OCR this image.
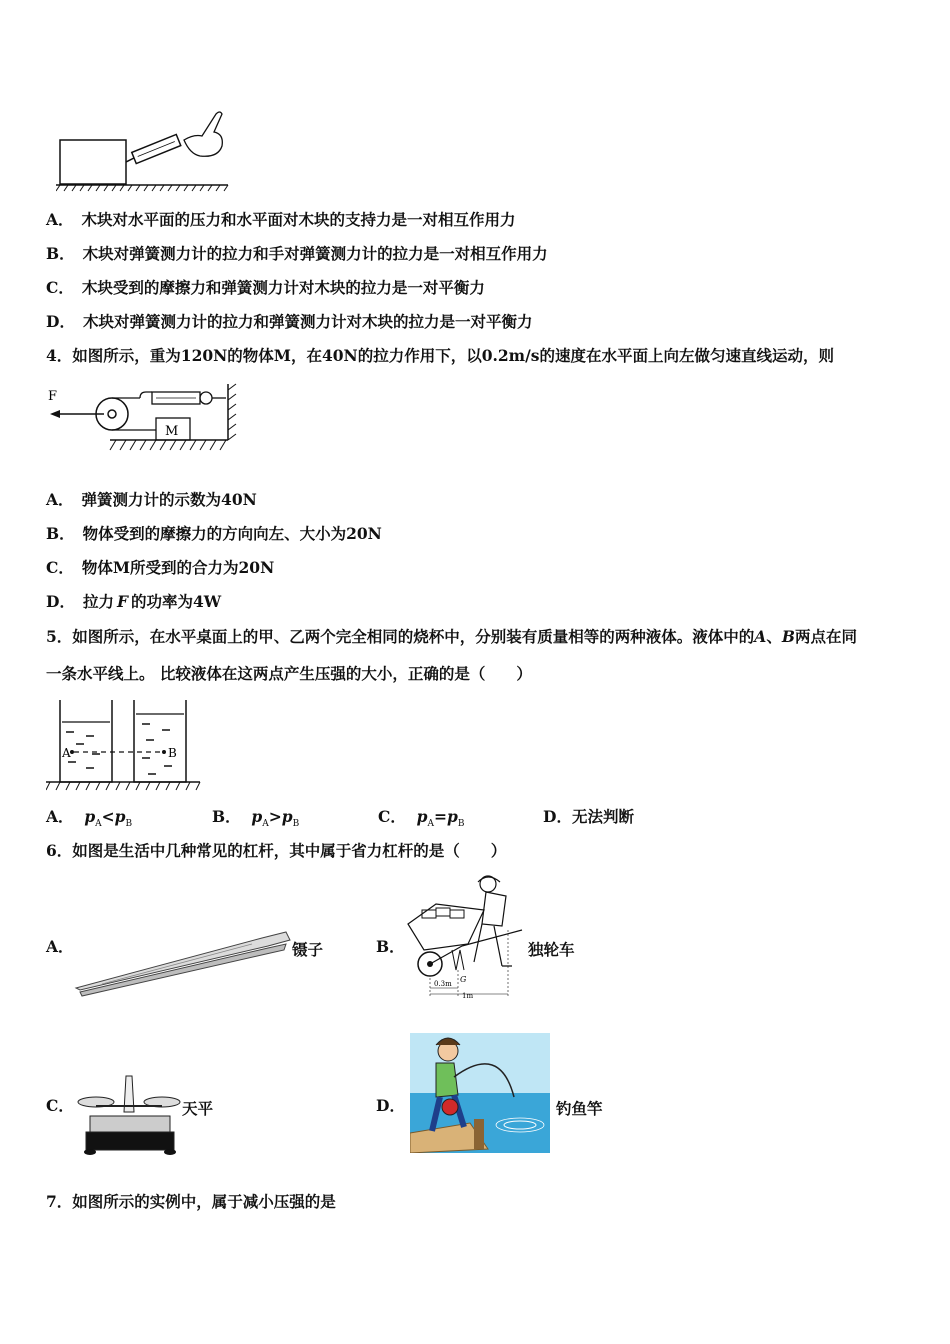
A． 木块对水平面的压力和水平面对木块的支持力是一对相互作用力
B． 木块对弹簧测力计的拉力和手对弹簧测力计的拉力是一对相互作用力
C． 木块受到的摩擦力和弹簧测力计对木块的拉力是一对平衡力
D． 木块对弹簧测力计的拉力和弹簧测力计对木块的拉力是一对平衡力
4．如图所示，重为120N的物体M，在40N的拉力作用下，以0.2m/s的速度在水平面上向左做匀速直线运动，则
F
M
A． 弹簧测力计的示数为40N
B． 物体受到的摩擦力的方向向左、大小为20N
C． 物体M所受到的合力为20N
D． 拉力 F 的功率为4W
5．如图所示，在水平桌面上的甲、乙两个完全相同的烧杯中，分别装有质量相等的两种液体。液体中的A、B两点在同
一条水平线上。 比较液体在这两点产生压强的大小，正确的是（　　）
A	B
A． $p_A<p_B$	B． $p_A>p_B$	C． $p_A=p_B$	D．无法判断
6．如图是生活中几种常见的杠杆，其中属于省力杠杆的是（　　）
A．	镊子	B．
0.3m
1m
G
独轮车
C．	天平	D．	钓鱼竿
7．如图所示的实例中，属于减小压强的是
